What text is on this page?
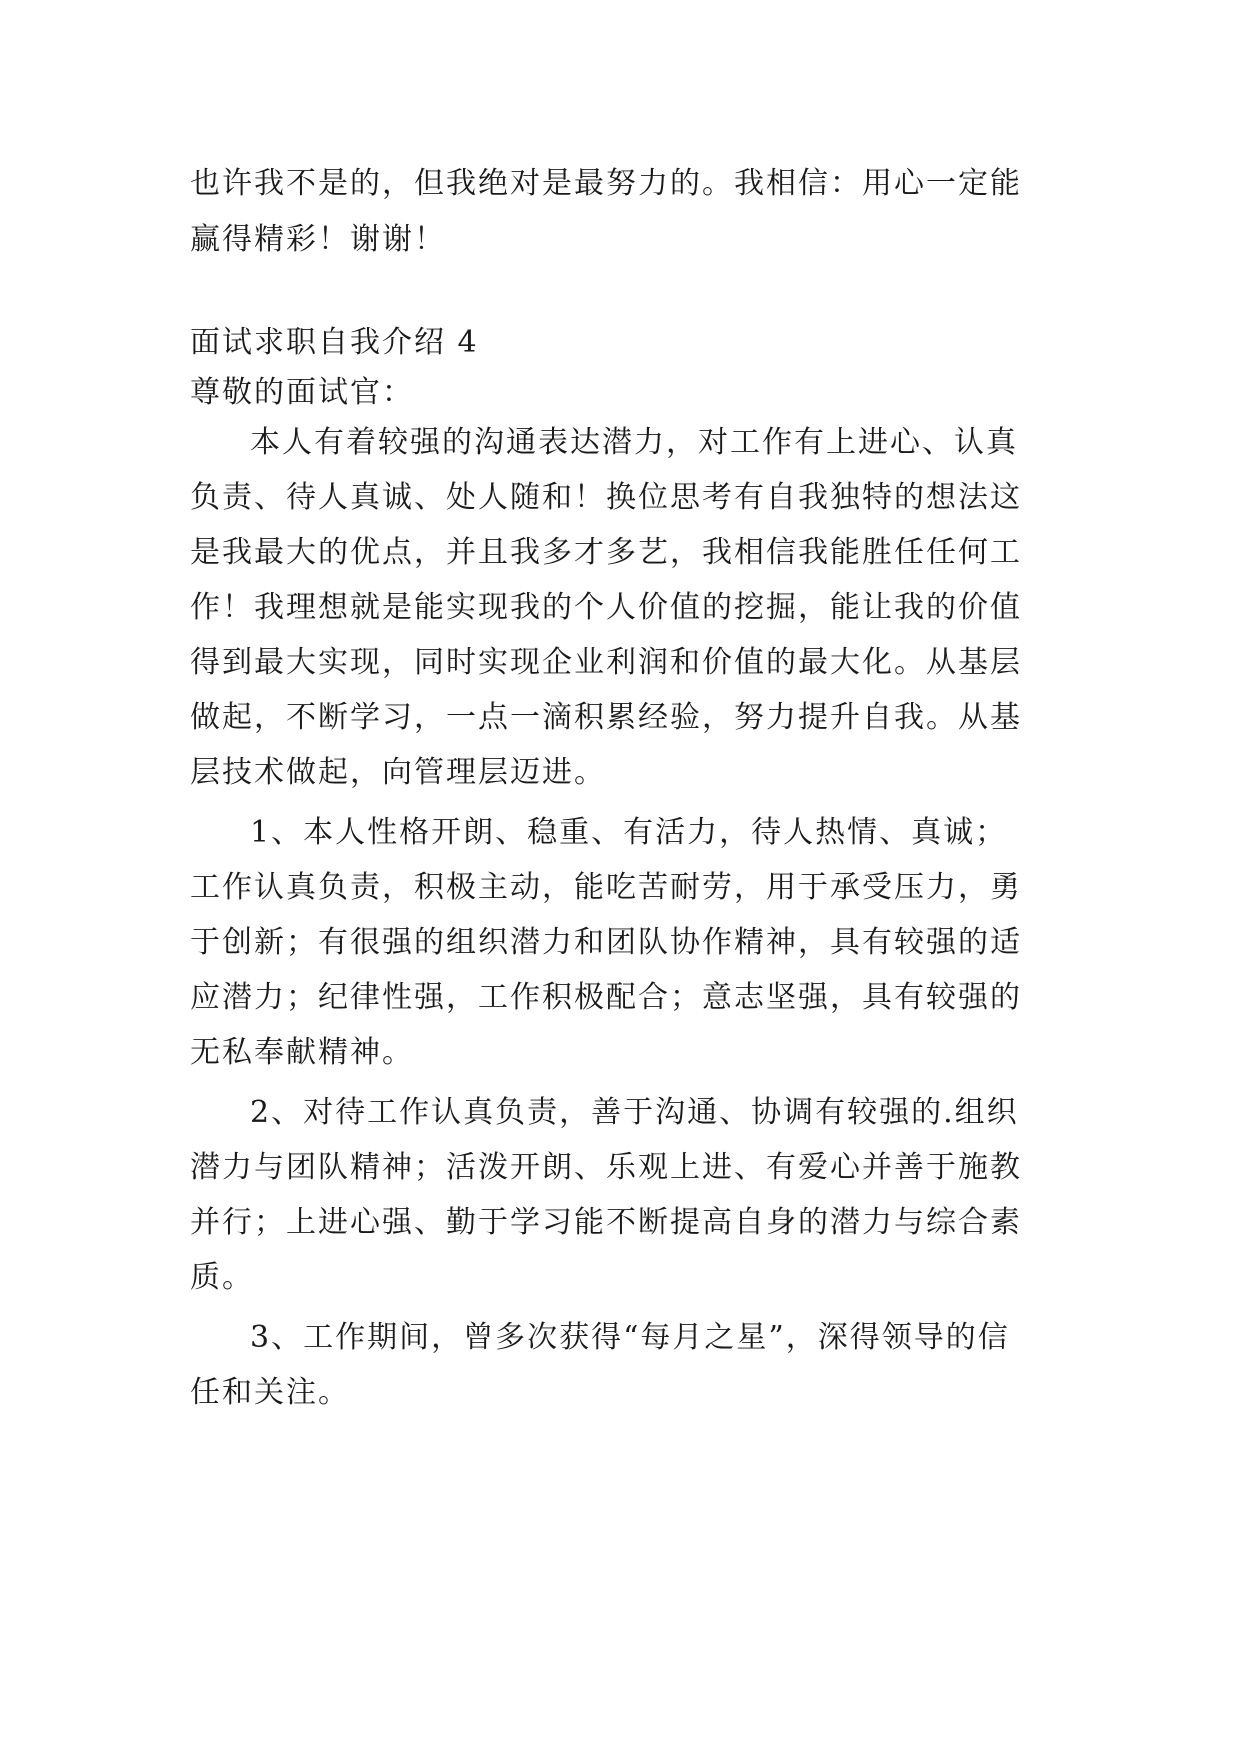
也许我不是的，但我绝对是最努力的。我相信：用心一定能
赢得精彩！谢谢！
面试求职自我介绍 4
尊敬的面试官：
本人有着较强的沟通表达潜力，对工作有上进心、认真
负责、待人真诚、处人随和！换位思考有自我独特的想法这
是我最大的优点，并且我多才多艺，我相信我能胜任任何工
作！我理想就是能实现我的个人价值的挖掘，能让我的价值
得到最大实现，同时实现企业利润和价值的最大化。从基层
做起，不断学习，一点一滴积累经验，努力提升自我。从基
层技术做起，向管理层迈进。
1、本人性格开朗、稳重、有活力，待人热情、真诚；
工作认真负责，积极主动，能吃苦耐劳，用于承受压力，勇
于创新；有很强的组织潜力和团队协作精神，具有较强的适
应潜力；纪律性强，工作积极配合；意志坚强，具有较强的
无私奉献精神。
2、对待工作认真负责，善于沟通、协调有较强的.组织
潜力与团队精神；活泼开朗、乐观上进、有爱心并善于施教
并行；上进心强、勤于学习能不断提高自身的潜力与综合素
质。
3、工作期间，曾多次获得“每月之星”，深得领导的信
任和关注。
